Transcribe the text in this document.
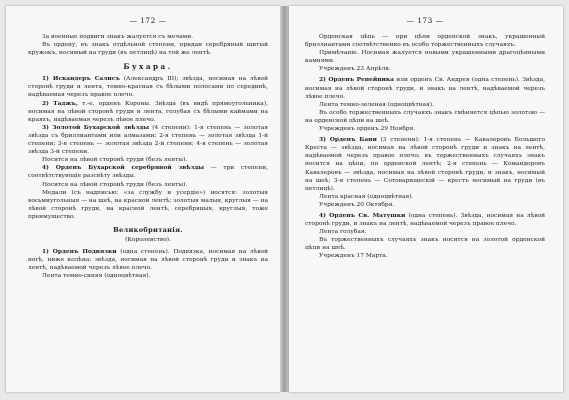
— 172 —

За военные подвиги знакъ жалуется съ мечами.

Въ ордену, въ знакъ отдѣльной степени, придан серебряный шитый кружокъ, носимый на груди (въ петлицѣ) на той же лентѣ.

Бухара.

1) Искандеръ Салисъ (Александръ III); звѣзда, носимая на лѣвой сторонѣ груди и лента, темно-красная съ бѣлыми полосами по серединѣ, надѣваемая черезъ правое плечо.

2) Таджъ, т.-е. орденъ Короны. Звѣзда (въ видѣ прямоугольника), носимая на лѣвой сторонѣ груди и лента, голубая съ бѣлыми каймами на краяхъ, надѣваемая черезъ лѣвое плечо.

3) Золотой Бухарской звѣзды (4 степени): 1-я степень — золотая звѣзда съ бриллиантами или алмазами; 2-я степень — золотая звѣзда 1-й степени; 3-я степень — золотая звѣзда 2-й степени; 4-я степень — золотая звѣзда 3-й степени.

Носится на лѣвой сторонѣ груди (безъ ленты).

4) Орденъ Бухарской серебряной звѣзды — три степени, соотвѣтствующіе разсвѣту звѣзды.

Носится на лѣвой сторонѣ груди (безъ ленты).

Медали (съ надписью: «за службу и усердіе») носятся: золотыя восьмиугольныя — на шеѣ, на красной лентѣ; золотыя малыя, круглыя — на лѣвой сторонѣ груди, на красной лентѣ, серебряныя, круглыя, тоже преимущество.

Великобританія.
(Королевство).

1) Орденъ Подвязки (одна степень). Подвязка, носимая на лѣвой ногѣ, ниже колѣна; звѣзда, носимая на лѣвой сторонѣ груди и знакъ на лентѣ, надѣваемой черезъ лѣвое плечо.

Лента темно-синяя (одноцвѣтная).

— 173 —

Орденская цѣпь — при цѣпи орденской знакъ, украшенный бриллиантами соотвѣтственно въ особо торжественныхъ случаяхъ.

Примѣчаніе. Носимая жалуется новыми украшенными драгоцѣнными камнями.

Учрежденъ 23 Апрѣля.

2) Орденъ Репейника или орденъ Св. Андрея (одна степень). Звѣзда, носимая на лѣвой сторонѣ груди, и знакъ на лентѣ, надѣваемой черезъ лѣвое плечо.

Лента темно-зеленая (одноцвѣтная).

Въ особо торжественныхъ случаяхъ знакъ смѣняется цѣпью золотою — на орденской цѣпи на шеѣ.

Учрежденъ орденъ 29 Ноября.

3) Орденъ Бани (3 степени): 1-я степень — Кавалеровъ Большого Креста — звѣзда, носимая на лѣвой сторонѣ груди и знакъ на лентѣ, надѣваемой черезъ правое плечо; въ торжественныхъ случаяхъ знакъ носится на цѣпи, по орденской лентѣ; 2-я степень — Командоровъ Кавалеровъ — звѣзда, носимая на лѣвой сторонѣ груди, и знакъ, носимый на шеѣ; 3-я степень — Сотоварищескій — крестъ носимый на груди (въ петлицѣ).

Лента красная (одноцвѣтная).

Учрежденъ 20 Октября.

4) Орденъ Св. Матушки (одна степень). Звѣзда, носимая на лѣвой сторонѣ груди, и знакъ на лентѣ, надѣваемой черезъ правое плечо.

Лента голубая.

Въ торжественныхъ случаяхъ знакъ носится на золотой орденской цѣпи на шеѣ.

Учрежденъ 17 Марта.
